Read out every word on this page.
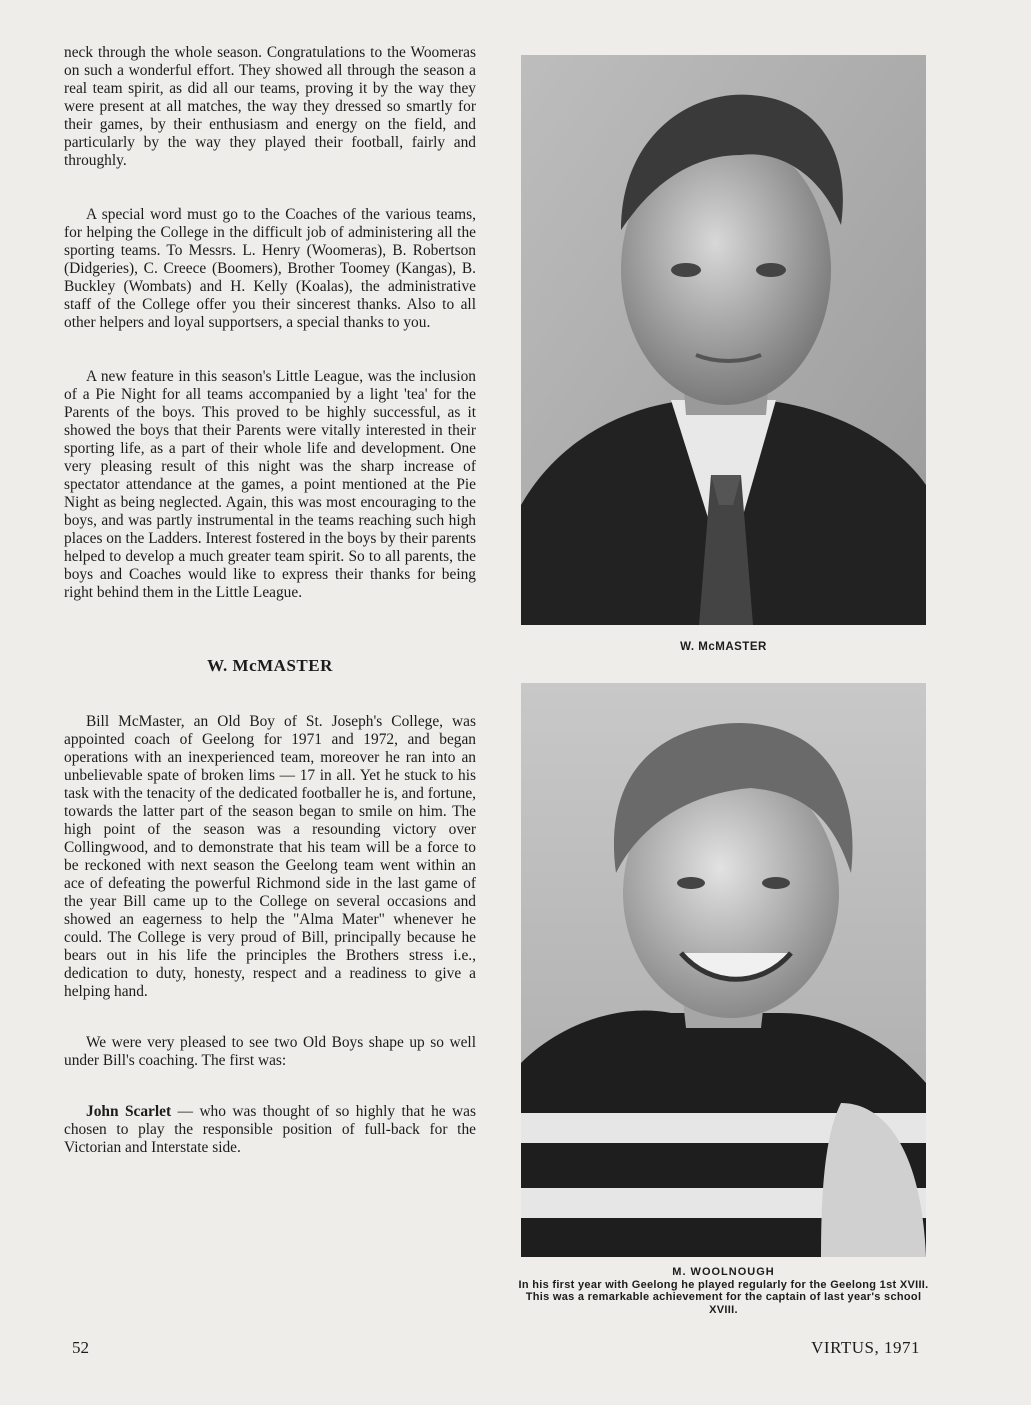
neck through the whole season. Congratulations to the Woomeras on such a wonderful effort. They showed all through the season a real team spirit, as did all our teams, proving it by the way they were present at all matches, the way they dressed so smartly for their games, by their enthusiasm and energy on the field, and particularly by the way they played their football, fairly and throughly.

A special word must go to the Coaches of the various teams, for helping the College in the difficult job of administering all the sporting teams. To Messrs. L. Henry (Woomeras), B. Robertson (Didgeries), C. Creece (Boomers), Brother Toomey (Kangas), B. Buckley (Wombats) and H. Kelly (Koalas), the administrative staff of the College offer you their sincerest thanks. Also to all other helpers and loyal supportsers, a special thanks to you.

A new feature in this season's Little League, was the inclusion of a Pie Night for all teams accompanied by a light 'tea' for the Parents of the boys. This proved to be highly successful, as it showed the boys that their Parents were vitally interested in their sporting life, as a part of their whole life and development. One very pleasing result of this night was the sharp increase of spectator attendance at the games, a point mentioned at the Pie Night as being neglected. Again, this was most encouraging to the boys, and was partly instrumental in the teams reaching such high places on the Ladders. Interest fostered in the boys by their parents helped to develop a much greater team spirit. So to all parents, the boys and Coaches would like to express their thanks for being right behind them in the Little League.

W. McMASTER

Bill McMaster, an Old Boy of St. Joseph's College, was appointed coach of Geelong for 1971 and 1972, and began operations with an inexperienced team, moreover he ran into an unbelievable spate of broken lims — 17 in all. Yet he stuck to his task with the tenacity of the dedicated footballer he is, and fortune, towards the latter part of the season began to smile on him. The high point of the season was a resounding victory over Collingwood, and to demonstrate that his team will be a force to be reckoned with next season the Geelong team went within an ace of defeating the powerful Richmond side in the last game of the year Bill came up to the College on several occasions and showed an eagerness to help the "Alma Mater" whenever he could. The College is very proud of Bill, principally because he bears out in his life the principles the Brothers stress i.e., dedication to duty, honesty, respect and a readiness to give a helping hand.

We were very pleased to see two Old Boys shape up so well under Bill's coaching. The first was:

John Scarlet — who was thought of so highly that he was chosen to play the responsible position of full-back for the Victorian and Interstate side.

W. McMASTER
M. WOOLNOUGH
In his first year with Geelong he played regularly for the Geelong 1st XVIII. This was a remarkable achievement for the captain of last year's school XVIII.
52	VIRTUS, 1971
